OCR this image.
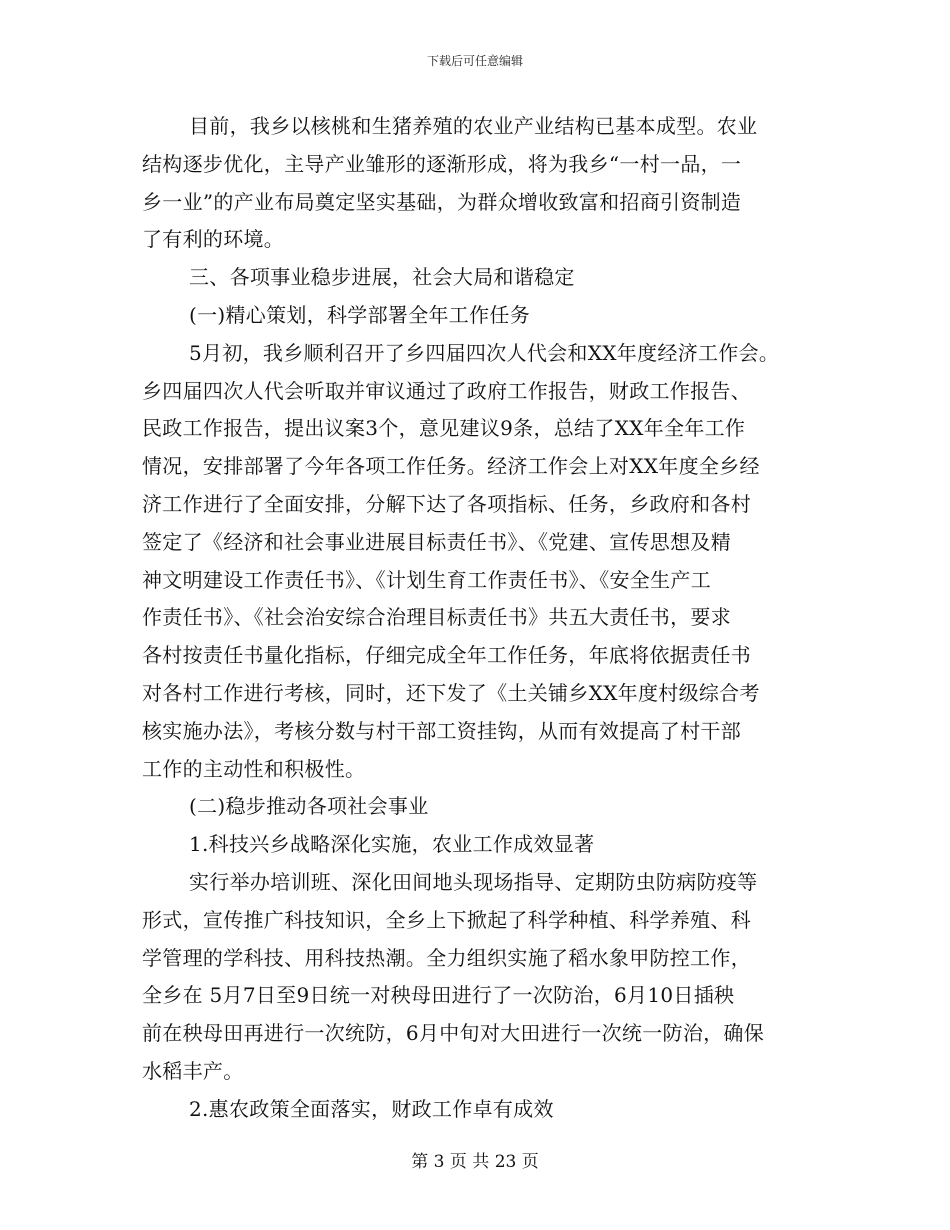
下载后可任意编辑
目前，我乡以核桃和生猪养殖的农业产业结构已基本成型。农业
结构逐步优化，主导产业雏形的逐渐形成，将为我乡“一村一品，一
乡一业”的产业布局奠定坚实基础，为群众增收致富和招商引资制造
了有利的环境。
三、各项事业稳步进展，社会大局和谐稳定
(一)精心策划，科学部署全年工作任务
5月初，我乡顺利召开了乡四届四次人代会和XX年度经济工作会。
乡四届四次人代会听取并审议通过了政府工作报告，财政工作报告、
民政工作报告，提出议案3个，意见建议9条，总结了XX年全年工作
情况，安排部署了今年各项工作任务。经济工作会上对XX年度全乡经
济工作进行了全面安排，分解下达了各项指标、任务，乡政府和各村
签定了《经济和社会事业进展目标责任书》、《党建、宣传思想及精
神文明建设工作责任书》、《计划生育工作责任书》、《安全生产工
作责任书》、《社会治安综合治理目标责任书》共五大责任书，要求
各村按责任书量化指标，仔细完成全年工作任务，年底将依据责任书
对各村工作进行考核，同时，还下发了《土关铺乡XX年度村级综合考
核实施办法》，考核分数与村干部工资挂钩，从而有效提高了村干部
工作的主动性和积极性。
(二)稳步推动各项社会事业
1.科技兴乡战略深化实施，农业工作成效显著
实行举办培训班、深化田间地头现场指导、定期防虫防病防疫等
形式，宣传推广科技知识，全乡上下掀起了科学种植、科学养殖、科
学管理的学科技、用科技热潮。全力组织实施了稻水象甲防控工作，
全乡在 5月7日至9日统一对秧母田进行了一次防治，6月10日插秧
前在秧母田再进行一次统防，6月中旬对大田进行一次统一防治，确保
水稻丰产。
2.惠农政策全面落实，财政工作卓有成效
第 3 页 共 23 页
